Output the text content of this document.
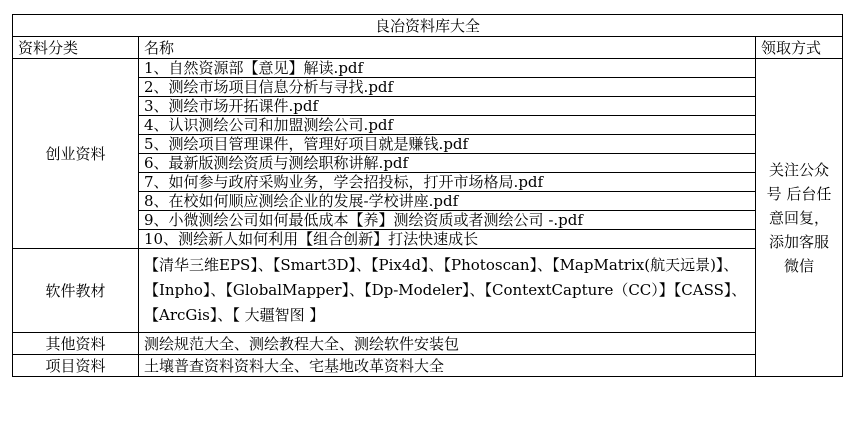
良冶资料库大全		
资料分类	名称	领取方式
创业资料	1、自然资源部【意见】解读.pdf	关注公众号 后台任意回复，添加客服微信
	2、测绘市场项目信息分析与寻找.pdf	
	3、测绘市场开拓课件.pdf	
	4、认识测绘公司和加盟测绘公司.pdf	
	5、测绘项目管理课件，管理好项目就是赚钱.pdf	
	6、最新版测绘资质与测绘职称讲解.pdf	
	7、如何参与政府采购业务，学会招投标，打开市场格局.pdf	
	8、在校如何顺应测绘企业的发展-学校讲座.pdf	
	9、小微测绘公司如何最低成本【养】测绘资质或者测绘公司 -.pdf	
	10、测绘新人如何利用【组合创新】打法快速成长	
软件教材	【清华三维EPS】、【Smart3D】、【Pix4d】、【Photoscan】、【MapMatrix(航天远景)】、【Inpho】、【GlobalMapper】、【Dp-Modeler】、【ContextCapture（CC）】【CASS】、【ArcGis】、【 大疆智图 】	
其他资料	测绘规范大全、测绘教程大全、测绘软件安装包	
项目资料	土壤普查资料资料大全、宅基地改革资料大全	
